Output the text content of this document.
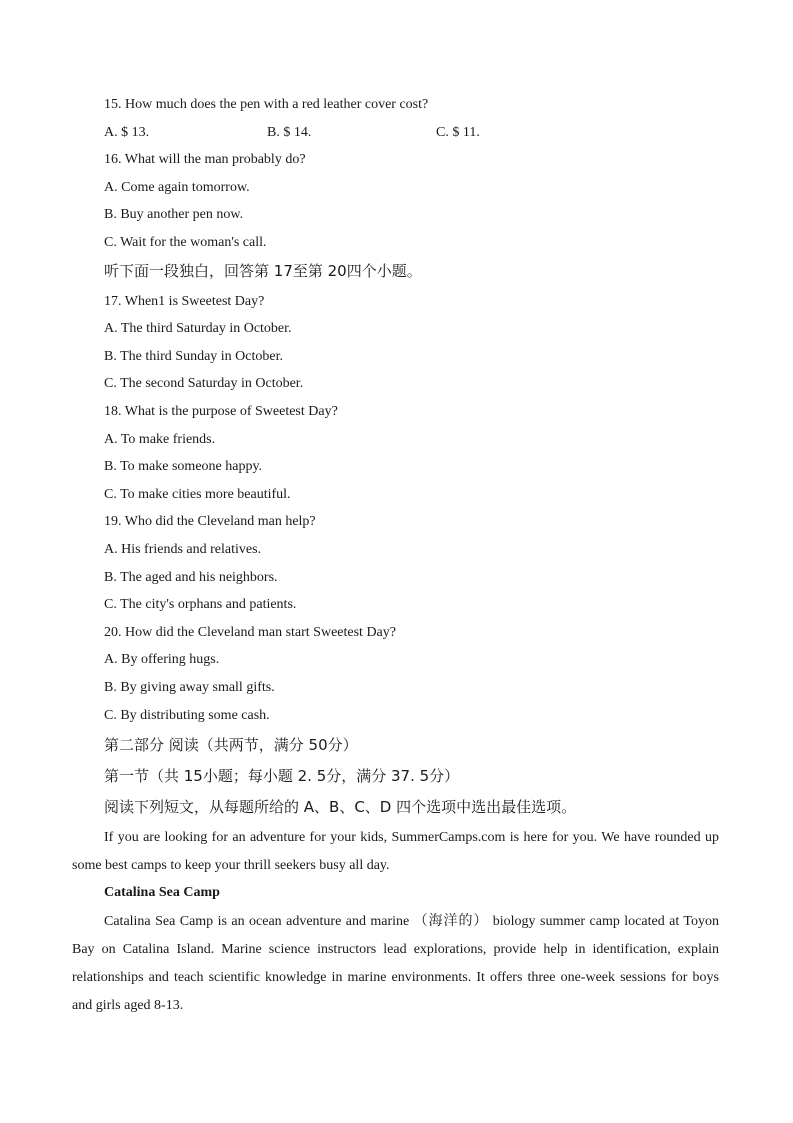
15. How much does the pen with a red leather cover cost?
A. $ 13.	B. $ 14.	C. $ 11.
16. What will the man probably do?
A. Come again tomorrow.
B. Buy another pen now.
C. Wait for the woman's call.
听下面一段独白，回答第 17至第 20四个小题。
17. When1 is Sweetest Day?
A. The third Saturday in October.
B. The third Sunday in October.
C. The second Saturday in October.
18. What is the purpose of Sweetest Day?
A. To make friends.
B. To make someone happy.
C. To make cities more beautiful.
19. Who did the Cleveland man help?
A. His friends and relatives.
B. The aged and his neighbors.
C. The city's orphans and patients.
20. How did the Cleveland man start Sweetest Day?
A. By offering hugs.
B. By giving away small gifts.
C. By distributing some cash.
第二部分 阅读（共两节，满分 50分）
第一节（共 15小题；每小题 2. 5分，满分 37. 5分）
阅读下列短文，从每题所给的 A、B、C、D 四个选项中选出最佳选项。
If you are looking for an adventure for your kids, SummerCamps.com is here for you. We have rounded up some best camps to keep your thrill seekers busy all day.
Catalina Sea Camp
Catalina Sea Camp is an ocean adventure and marine （海洋的） biology summer camp located at Toyon Bay on Catalina Island. Marine science instructors lead explorations, provide help in identification, explain relationships and teach scientific knowledge in marine environments. It offers three one-week sessions for boys and girls aged 8-13.
